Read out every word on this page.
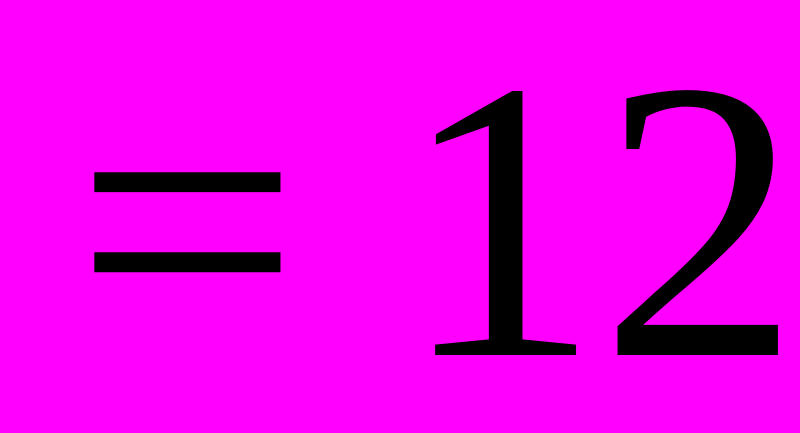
= 12
